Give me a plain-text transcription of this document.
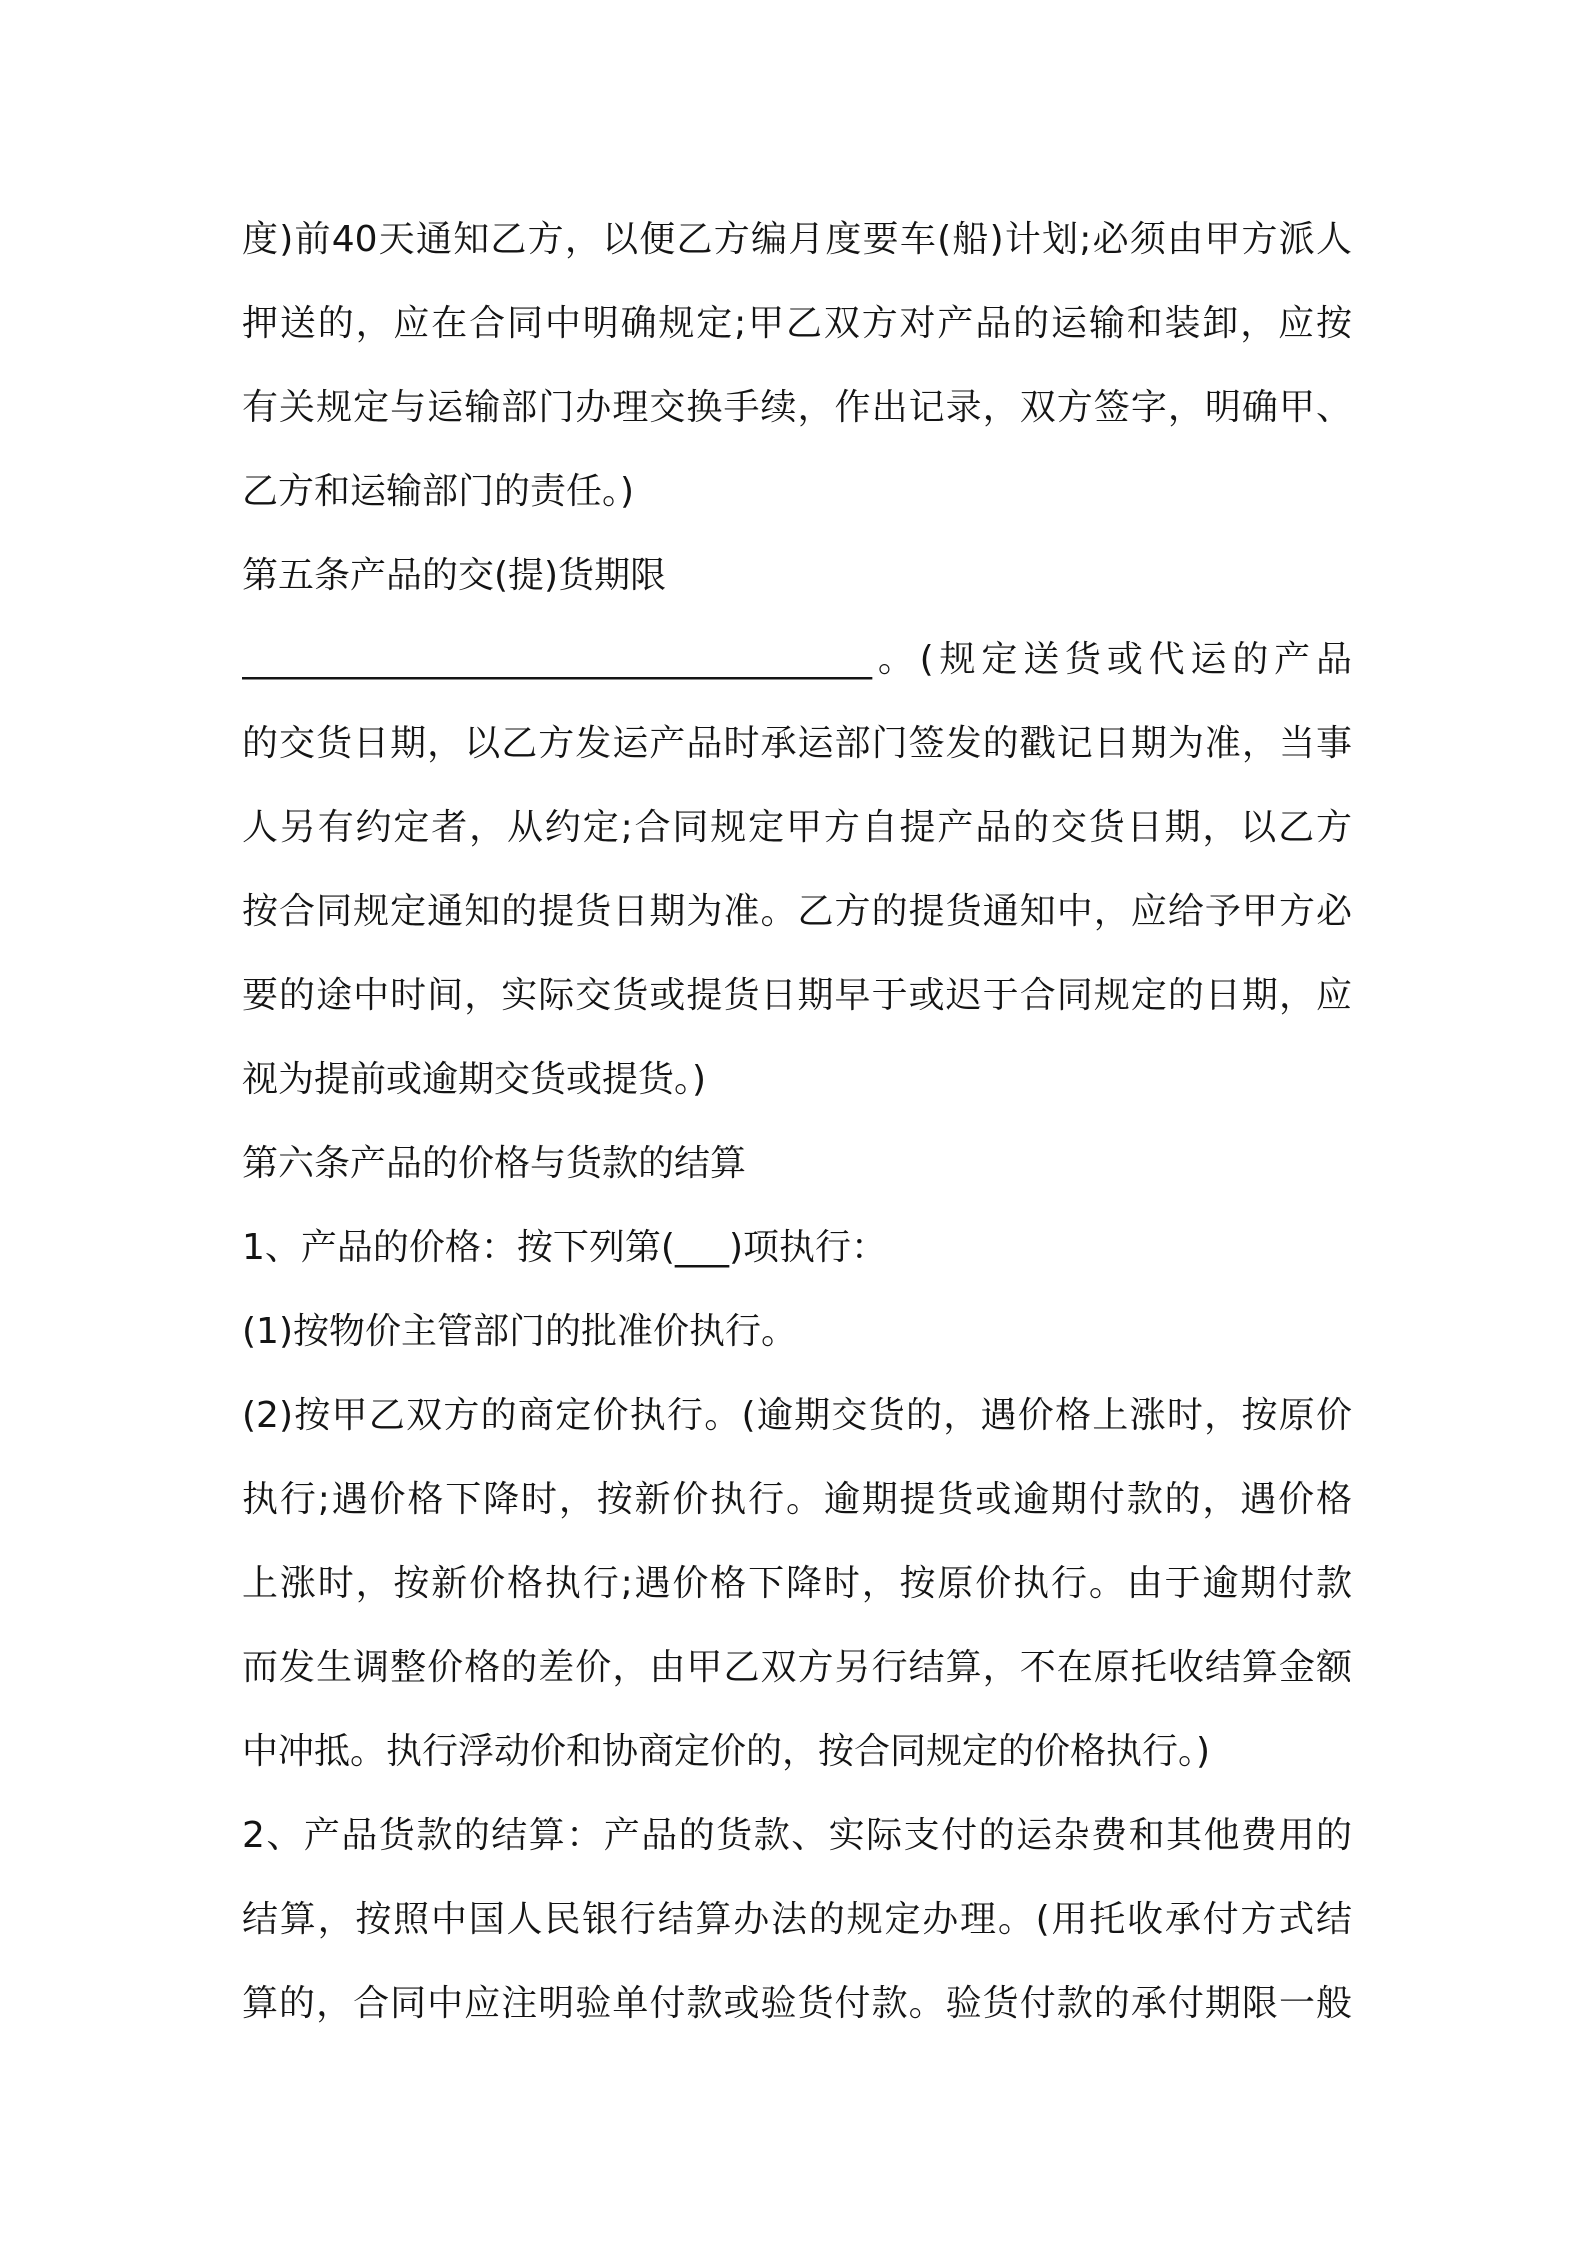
度)前40天通知乙方，以便乙方编月度要车(船)计划;必须由甲方派人
押送的，应在合同中明确规定;甲乙双方对产品的运输和装卸，应按
有关规定与运输部门办理交换手续，作出记录，双方签字，明确甲、
乙方和运输部门的责任。)
第五条产品的交(提)货期限
___________________________________。(规定送货或代运的产品
的交货日期，以乙方发运产品时承运部门签发的戳记日期为准，当事
人另有约定者，从约定;合同规定甲方自提产品的交货日期，以乙方
按合同规定通知的提货日期为准。乙方的提货通知中，应给予甲方必
要的途中时间，实际交货或提货日期早于或迟于合同规定的日期，应
视为提前或逾期交货或提货。)
第六条产品的价格与货款的结算
1、产品的价格：按下列第(___)项执行：
(1)按物价主管部门的批准价执行。
(2)按甲乙双方的商定价执行。(逾期交货的，遇价格上涨时，按原价
执行;遇价格下降时，按新价执行。逾期提货或逾期付款的，遇价格
上涨时，按新价格执行;遇价格下降时，按原价执行。由于逾期付款
而发生调整价格的差价，由甲乙双方另行结算，不在原托收结算金额
中冲抵。执行浮动价和协商定价的，按合同规定的价格执行。)
2、产品货款的结算：产品的货款、实际支付的运杂费和其他费用的
结算，按照中国人民银行结算办法的规定办理。(用托收承付方式结
算的，合同中应注明验单付款或验货付款。验货付款的承付期限一般
